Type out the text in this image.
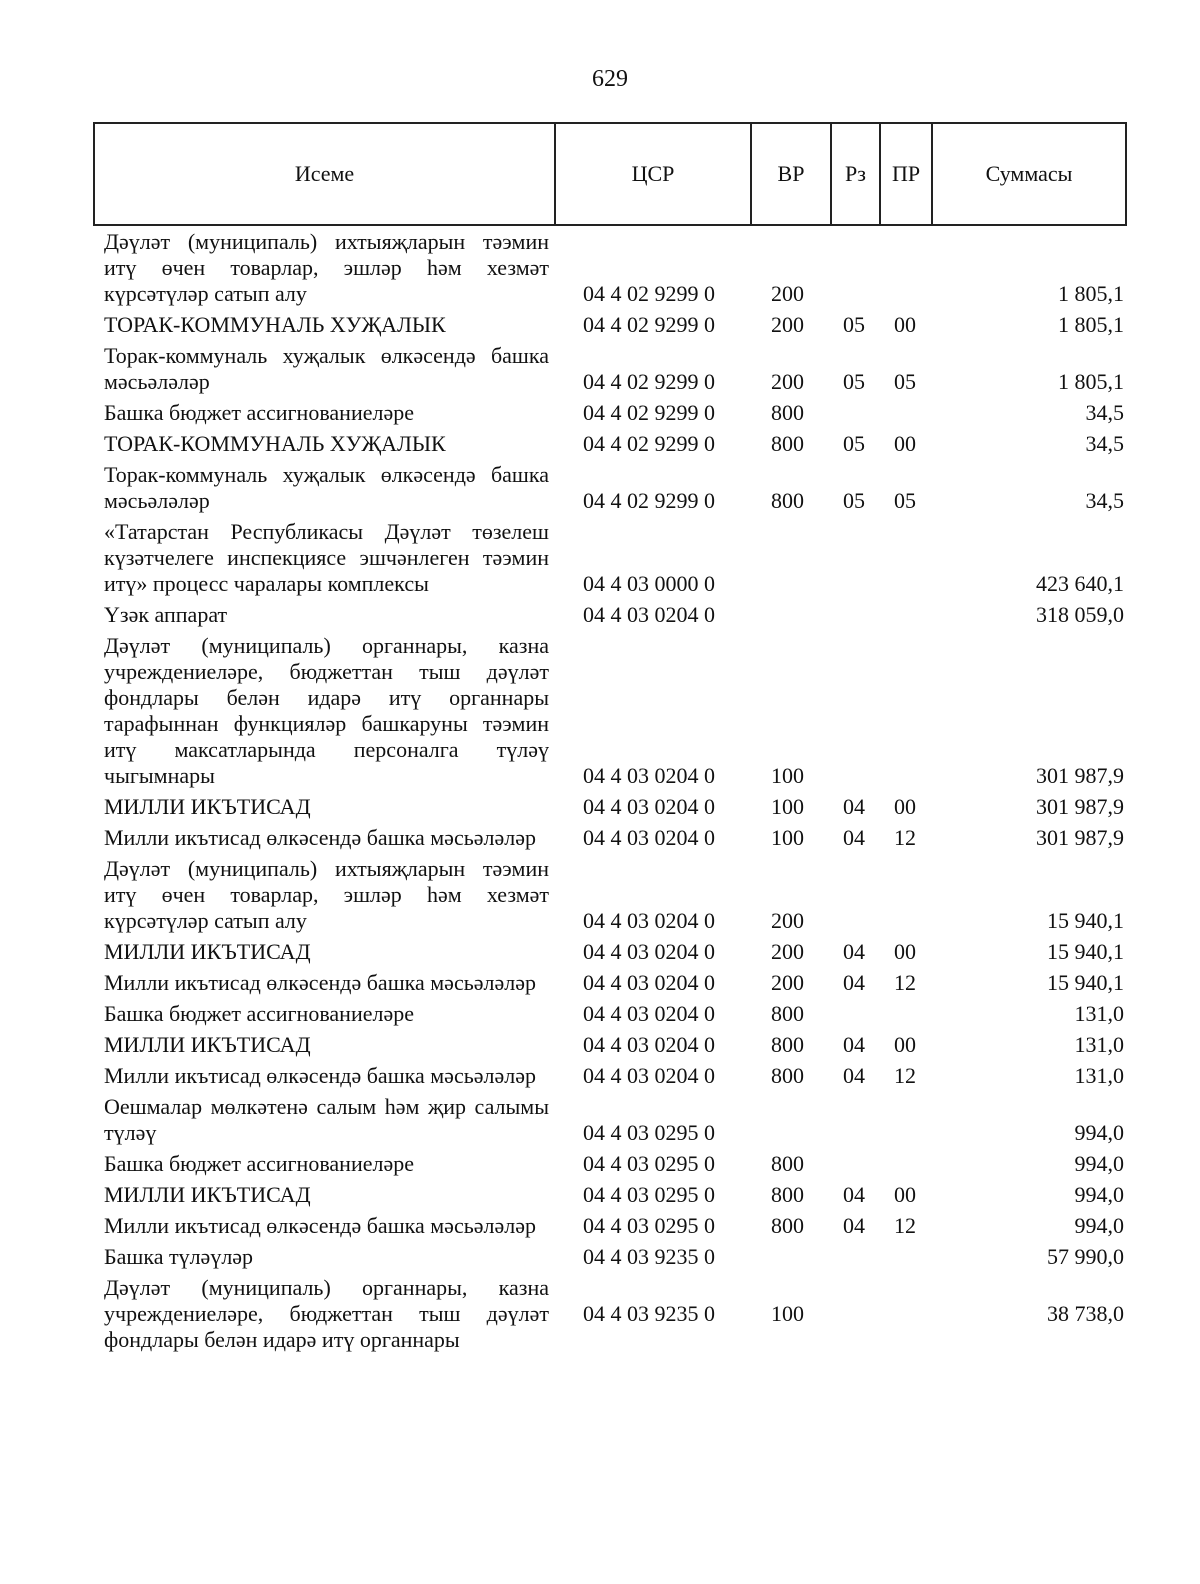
629
Исеме	ЦСР	ВР	Рз	ПР	Суммасы
Дәүләт (муниципаль) ихтыяҗларын тәэмин итү өчен товарлар, эшләр һәм хезмәт күрсәтүләр сатып алу	04 4 02 9299 0	200			1 805,1
ТОРАК-КОММУНАЛЬ ХУҖАЛЫК	04 4 02 9299 0	200	05	00	1 805,1
Торак-коммуналь хуҗалык өлкәсендә башка мәсьәләләр	04 4 02 9299 0	200	05	05	1 805,1
Башка бюджет ассигнованиеләре	04 4 02 9299 0	800			34,5
ТОРАК-КОММУНАЛЬ ХУҖАЛЫК	04 4 02 9299 0	800	05	00	34,5
Торак-коммуналь хуҗалык өлкәсендә башка мәсьәләләр	04 4 02 9299 0	800	05	05	34,5
«Татарстан Республикасы Дәүләт төзелеш күзәтчелеге инспекциясе эшчәнлеген тәэмин итү» процесс чаралары комплексы	04 4 03 0000 0				423 640,1
Үзәк аппарат	04 4 03 0204 0				318 059,0
Дәүләт (муниципаль) органнары, казна учреждениеләре, бюджеттан тыш дәүләт фондлары белән идарә итү органнары тарафыннан функцияләр башкаруны тәэмин итү максатларында персоналга түләү чыгымнары	04 4 03 0204 0	100			301 987,9
МИЛЛИ ИКЪТИСАД	04 4 03 0204 0	100	04	00	301 987,9
Милли икътисад өлкәсендә башка мәсьәләләр	04 4 03 0204 0	100	04	12	301 987,9
Дәүләт (муниципаль) ихтыяҗларын тәэмин итү өчен товарлар, эшләр һәм хезмәт күрсәтүләр сатып алу	04 4 03 0204 0	200			15 940,1
МИЛЛИ ИКЪТИСАД	04 4 03 0204 0	200	04	00	15 940,1
Милли икътисад өлкәсендә башка мәсьәләләр	04 4 03 0204 0	200	04	12	15 940,1
Башка бюджет ассигнованиеләре	04 4 03 0204 0	800			131,0
МИЛЛИ ИКЪТИСАД	04 4 03 0204 0	800	04	00	131,0
Милли икътисад өлкәсендә башка мәсьәләләр	04 4 03 0204 0	800	04	12	131,0
Оешмалар мөлкәтенә салым һәм җир салымы түләү	04 4 03 0295 0				994,0
Башка бюджет ассигнованиеләре	04 4 03 0295 0	800			994,0
МИЛЛИ ИКЪТИСАД	04 4 03 0295 0	800	04	00	994,0
Милли икътисад өлкәсендә башка мәсьәләләр	04 4 03 0295 0	800	04	12	994,0
Башка түләүләр	04 4 03 9235 0				57 990,0
Дәүләт (муниципаль) органнары, казна учреждениеләре, бюджеттан тыш дәүләт фондлары белән идарә итү органнары	04 4 03 9235 0	100			38 738,0
